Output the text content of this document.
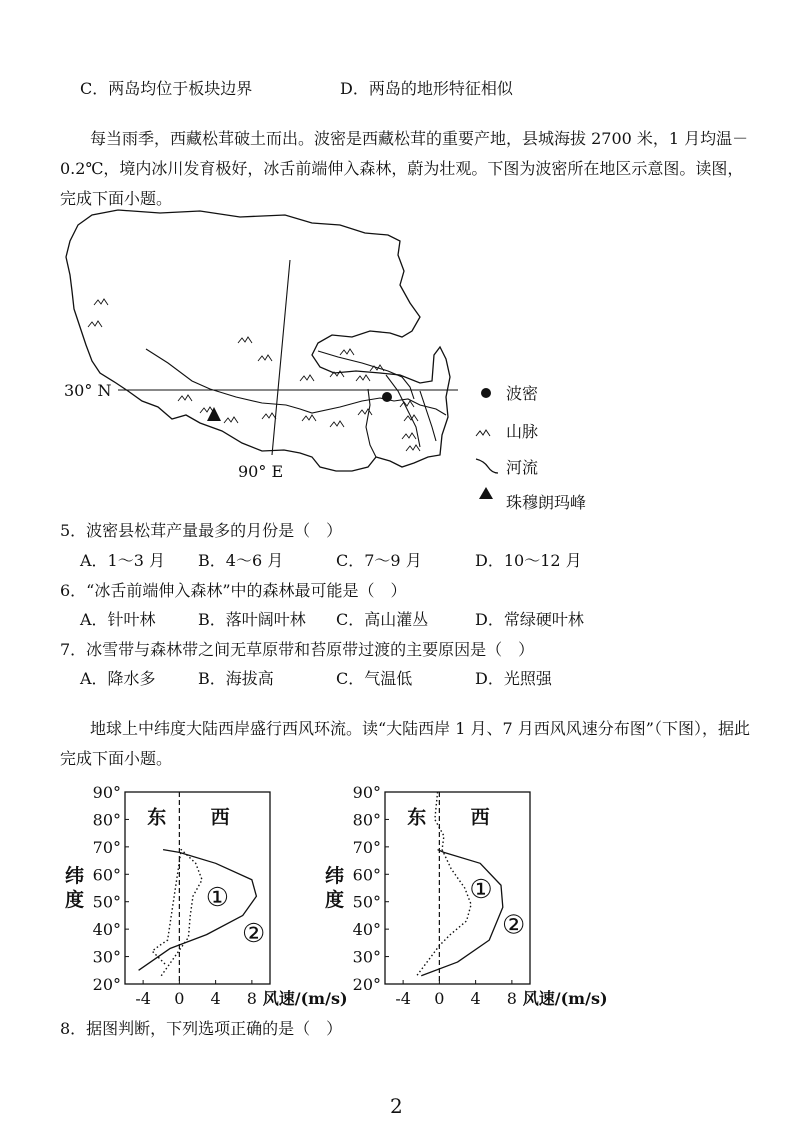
C．两岛均位于板块边界	D．两岛的地形特征相似
每当雨季，西藏松茸破土而出。波密是西藏松茸的重要产地，县城海拔 2700 米，1 月均温－0.2℃，境内冰川发育极好，冰舌前端伸入森林，蔚为壮观。下图为波密所在地区示意图。读图，完成下面小题。
30° N
90° E
波密
山脉
河流
珠穆朗玛峰
5．波密县松茸产量最多的月份是（　）
A．1～3 月 B．4～6 月	C．7～9 月	D．10～12 月
6．“冰舌前端伸入森林”中的森林最可能是（　）
A．针叶林	B．落叶阔叶林 C．高山灌丛	D．常绿硬叶林
7．冰雪带与森林带之间无草原带和苔原带过渡的主要原因是（　）
A．降水多	B．海拔高	C．气温低	D．光照强
地球上中纬度大陆西岸盛行西风环流。读“大陆西岸 1 月、7 月西风风速分布图”（下图），据此完成下面小题。
20°
30°
40°
50°
60°
70°
80°
90°
-4 0 4 8 风速/(m/s)
纬
度
东 西
①
②
20°
30°
40°
50°
60°
70°
80°
90°
-4 0 4 8 风速/(m/s)
纬
度
东 西
①
②
8．据图判断，下列选项正确的是（　）
2
